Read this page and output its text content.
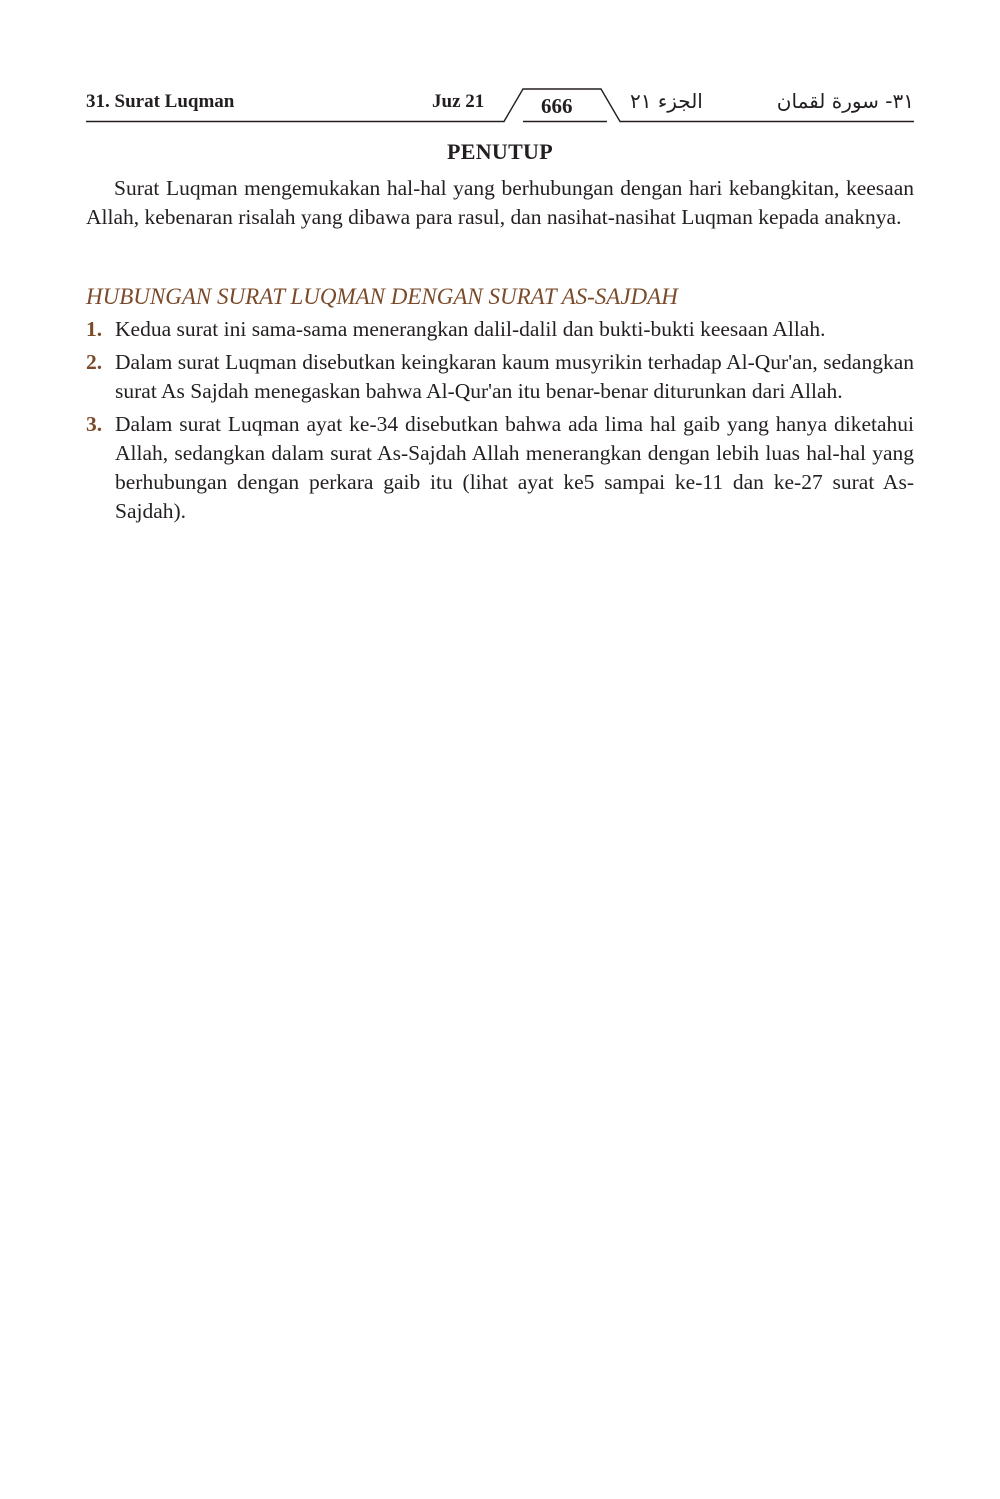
31. Surat Luqman	Juz 21	666	الجزء ٢١	٣١- سورة لقمان
PENUTUP

Surat Luqman mengemukakan hal-hal yang berhubungan dengan hari kebangkitan, keesaan Allah, kebenaran risalah yang dibawa para rasul, dan nasihat-nasihat Luqman kepada anaknya.

HUBUNGAN SURAT LUQMAN DENGAN SURAT AS-SAJDAH
1. Kedua surat ini sama-sama menerangkan dalil-dalil dan bukti-bukti keesaan Allah.
2. Dalam surat Luqman disebutkan keingkaran kaum musyrikin terhadap Al-Qur'an, sedangkan surat As Sajdah menegaskan bahwa Al-Qur'an itu benar-benar diturunkan dari Allah.
3. Dalam surat Luqman ayat ke-34 disebutkan bahwa ada lima hal gaib yang hanya diketahui Allah, sedangkan dalam surat As-Sajdah Allah menerangkan dengan lebih luas hal-hal yang berhubungan dengan perkara gaib itu (lihat ayat ke5 sampai ke-11 dan ke-27 surat As-Sajdah).
